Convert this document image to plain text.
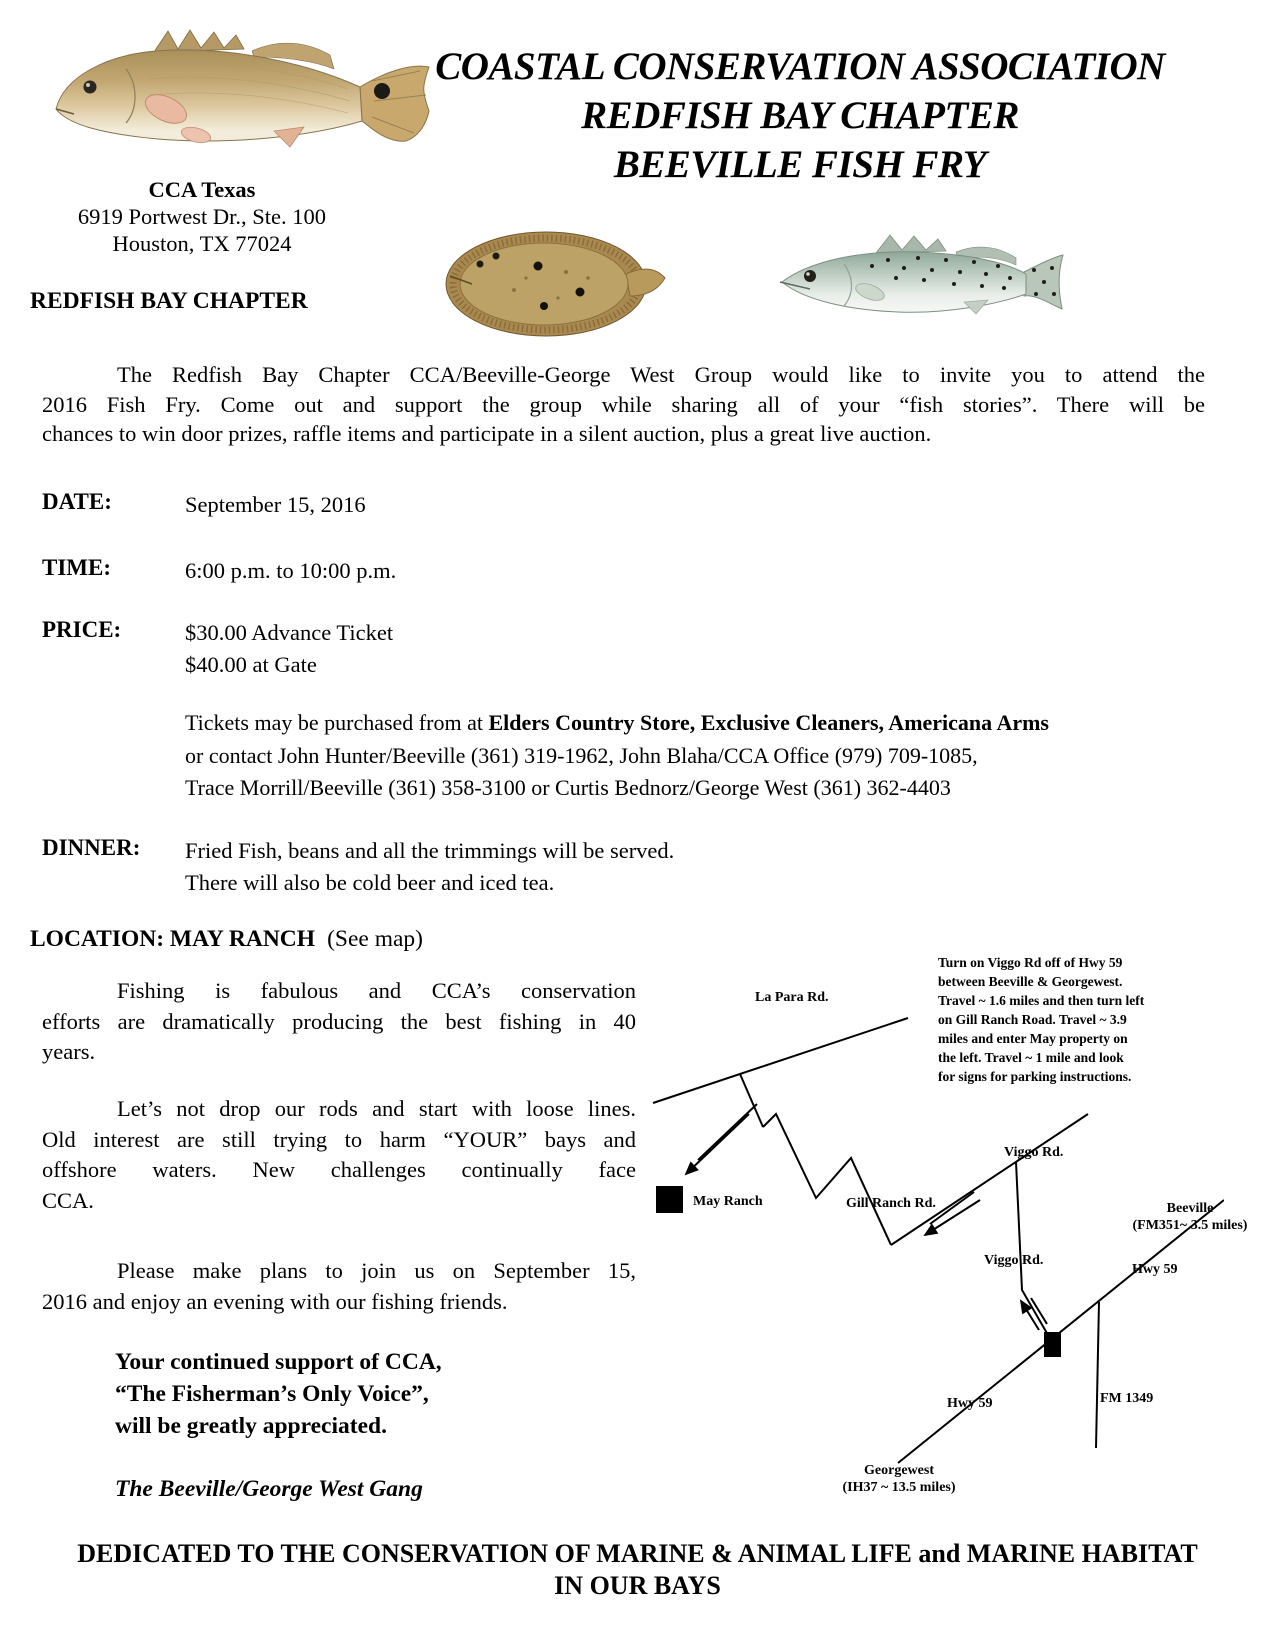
COASTAL CONSERVATION ASSOCIATION
REDFISH BAY CHAPTER
BEEVILLE FISH FRY
CCA Texas
6919 Portwest Dr., Ste. 100
Houston, TX 77024
REDFISH BAY CHAPTER
The Redfish Bay Chapter CCA/Beeville-George West Group would like to invite you to attend the
2016 Fish Fry. Come out and support the group while sharing all of your “fish stories”. There will be
chances to win door prizes, raffle items and participate in a silent auction, plus a great live auction.
DATE:	September 15, 2016
TIME:	6:00 p.m. to 10:00 p.m.
PRICE:	$30.00 Advance Ticket
$40.00 at Gate
Tickets may be purchased from at Elders Country Store, Exclusive Cleaners, Americana Arms
or contact John Hunter/Beeville (361) 319-1962, John Blaha/CCA Office (979) 709-1085,
Trace Morrill/Beeville (361) 358-3100 or Curtis Bednorz/George West (361) 362-4403
DINNER: Fried Fish, beans and all the trimmings will be served.
There will also be cold beer and iced tea.
LOCATION: MAY RANCH (See map)
Fishing is fabulous and CCA’s conservation
efforts are dramatically producing the best fishing in 40
years.
Let’s not drop our rods and start with loose lines.
Old interest are still trying to harm “YOUR” bays and
offshore waters. New challenges continually face
CCA.
Please make plans to join us on September 15,
2016 and enjoy an evening with our fishing friends.
Your continued support of CCA,
“The Fisherman’s Only Voice”,
will be greatly appreciated.
The Beeville/George West Gang
Turn on Viggo Rd off of Hwy 59
between Beeville & Georgewest.
Travel ~ 1.6 miles and then turn left
on Gill Ranch Road. Travel ~ 3.9
miles and enter May property on
the left. Travel ~ 1 mile and look
for signs for parking instructions.
La Para Rd.
May Ranch	Gill Ranch Rd.
Viggo Rd.
Viggo Rd.
Beeville
(FM351~ 3.5 miles)
Hwy 59
Hwy 59	FM 1349
Georgewest
(IH37 ~ 13.5 miles)
DEDICATED TO THE CONSERVATION OF MARINE & ANIMAL LIFE and MARINE HABITAT
IN OUR BAYS
